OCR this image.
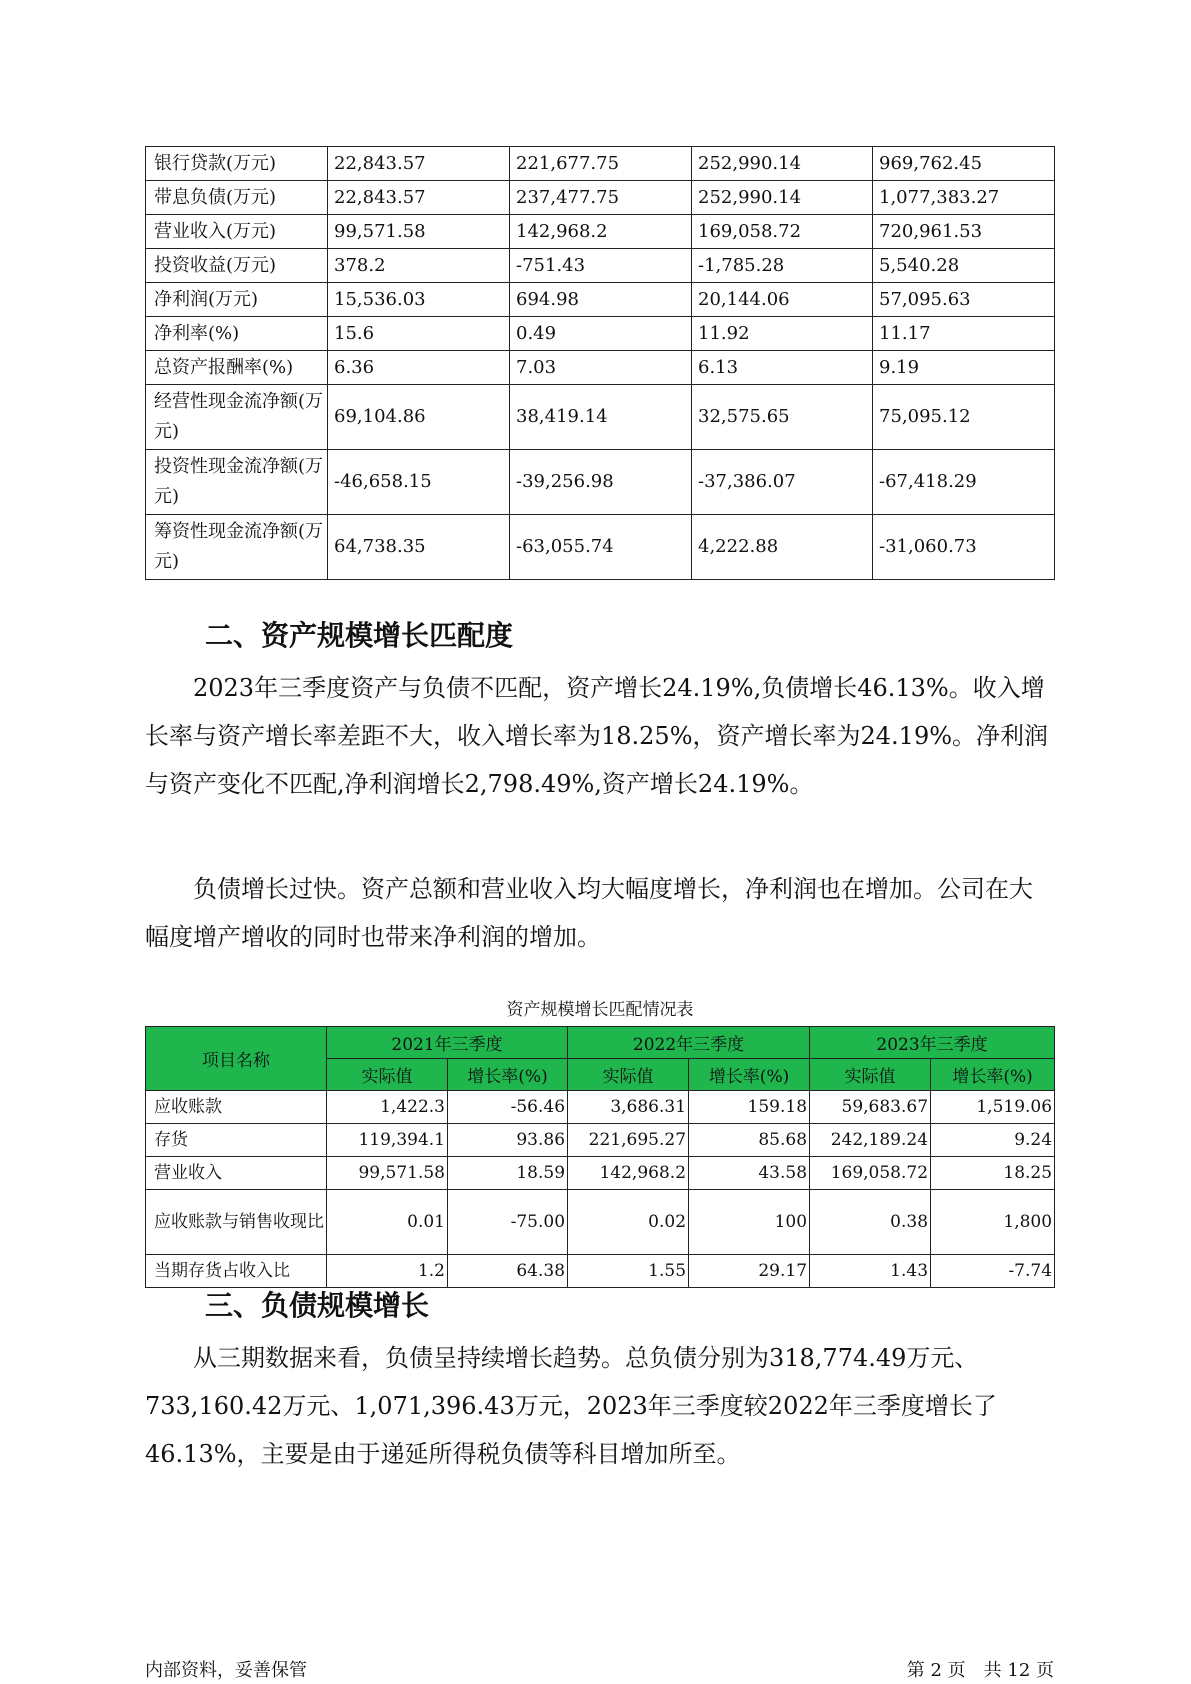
银行贷款(万元)	22,843.57	221,677.75	252,990.14	969,762.45
带息负债(万元)	22,843.57	237,477.75	252,990.14	1,077,383.27
营业收入(万元)	99,571.58	142,968.2	169,058.72	720,961.53
投资收益(万元)	378.2	-751.43	-1,785.28	5,540.28
净利润(万元)	15,536.03	694.98	20,144.06	57,095.63
净利率(%)	15.6	0.49	11.92	11.17
总资产报酬率(%)	6.36	7.03	6.13	9.19
经营性现金流净额(万元)	69,104.86	38,419.14	32,575.65	75,095.12
投资性现金流净额(万元)	-46,658.15	-39,256.98	-37,386.07	-67,418.29
筹资性现金流净额(万元)	64,738.35	-63,055.74	4,222.88	-31,060.73
二、资产规模增长匹配度

2023年三季度资产与负债不匹配，资产增长24.19%,负债增长46.13%。收入增长率与资产增长率差距不大，收入增长率为18.25%，资产增长率为24.19%。净利润与资产变化不匹配,净利润增长2,798.49%,资产增长24.19%。

负债增长过快。资产总额和营业收入均大幅度增长，净利润也在增加。公司在大幅度增产增收的同时也带来净利润的增加。

资产规模增长匹配情况表

项目名称	2021年三季度		2022年三季度		2023年三季度	
	实际值	增长率(%)	实际值	增长率(%)	实际值	增长率(%)
应收账款	1,422.3	-56.46	3,686.31	159.18	59,683.67	1,519.06
存货	119,394.1	93.86	221,695.27	85.68	242,189.24	9.24
营业收入	99,571.58	18.59	142,968.2	43.58	169,058.72	18.25
应收账款与销售收现比	0.01	-75.00	0.02	100	0.38	1,800
当期存货占收入比	1.2	64.38	1.55	29.17	1.43	-7.74
三、负债规模增长

从三期数据来看，负债呈持续增长趋势。总负债分别为318,774.49万元、733,160.42万元、1,071,396.43万元，2023年三季度较2022年三季度增长了46.13%，主要是由于递延所得税负债等科目增加所至。

内部资料，妥善保管	第 2 页　共 12 页
